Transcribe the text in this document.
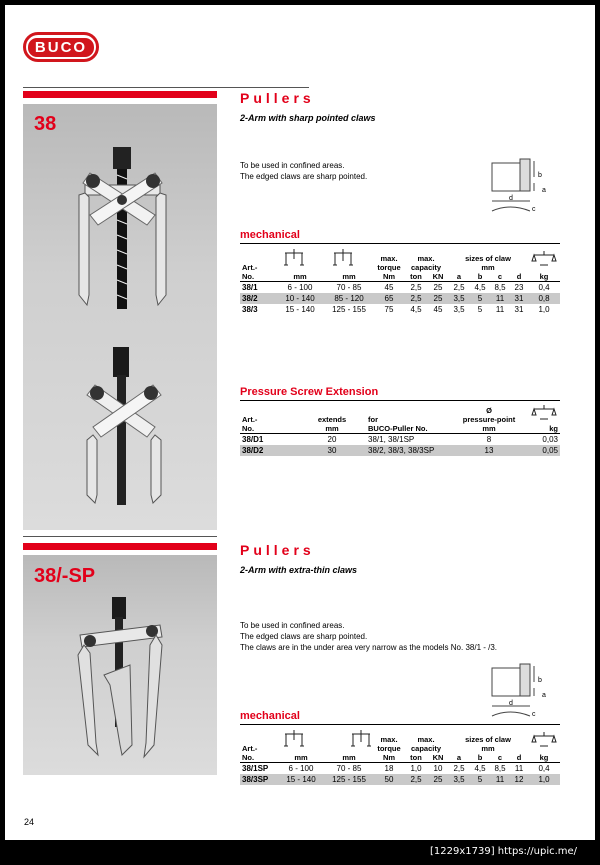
BUCO
38
Pullers
2-Arm with sharp pointed claws
To be used in confined areas.
The edged claws are sharp pointed.	b
a
d
c
mechanical
			max.	max.		sizes of claw				
Art.-			torque	capacity		mm				
No.	mm	mm	Nm	ton	KN	a	b	c	d	kg
38/1	6 - 100	70 - 85	45	2,5	25	2,5	4,5	8,5	23	0,4
38/2	10 - 140	85 - 120	65	2,5	25	3,5	5	11	31	0,8
38/3	15 - 140	125 - 155	75	4,5	45	3,5	5	11	31	1,0
Pressure Screw Extension
			Ø	
Art.-	extends	for	pressure-point	
No.	mm	BUCO-Puller No.	mm	kg
38/D1	20	38/1, 38/1SP	8	0,03
38/D2	30	38/2, 38/3, 38/3SP	13	0,05
38/-SP
Pullers
2-Arm with extra-thin claws
To be used in confined areas.
The edged claws are sharp pointed.
The claws are in the under area very narrow as the models No. 38/1 - /3.
b
a
d
c
mechanical
			max.	max.		sizes of claw				
Art.-			torque	capacity		mm				
No.	mm	mm	Nm	ton	KN	a	b	c	d	kg
38/1SP	6 - 100	70 - 85	18	1,0	10	2,5	4,5	8,5	11	0,4
38/3SP	15 - 140	125 - 155	50	2,5	25	3,5	5	11	12	1,0
24
[1229x1739] https://upic.me/
